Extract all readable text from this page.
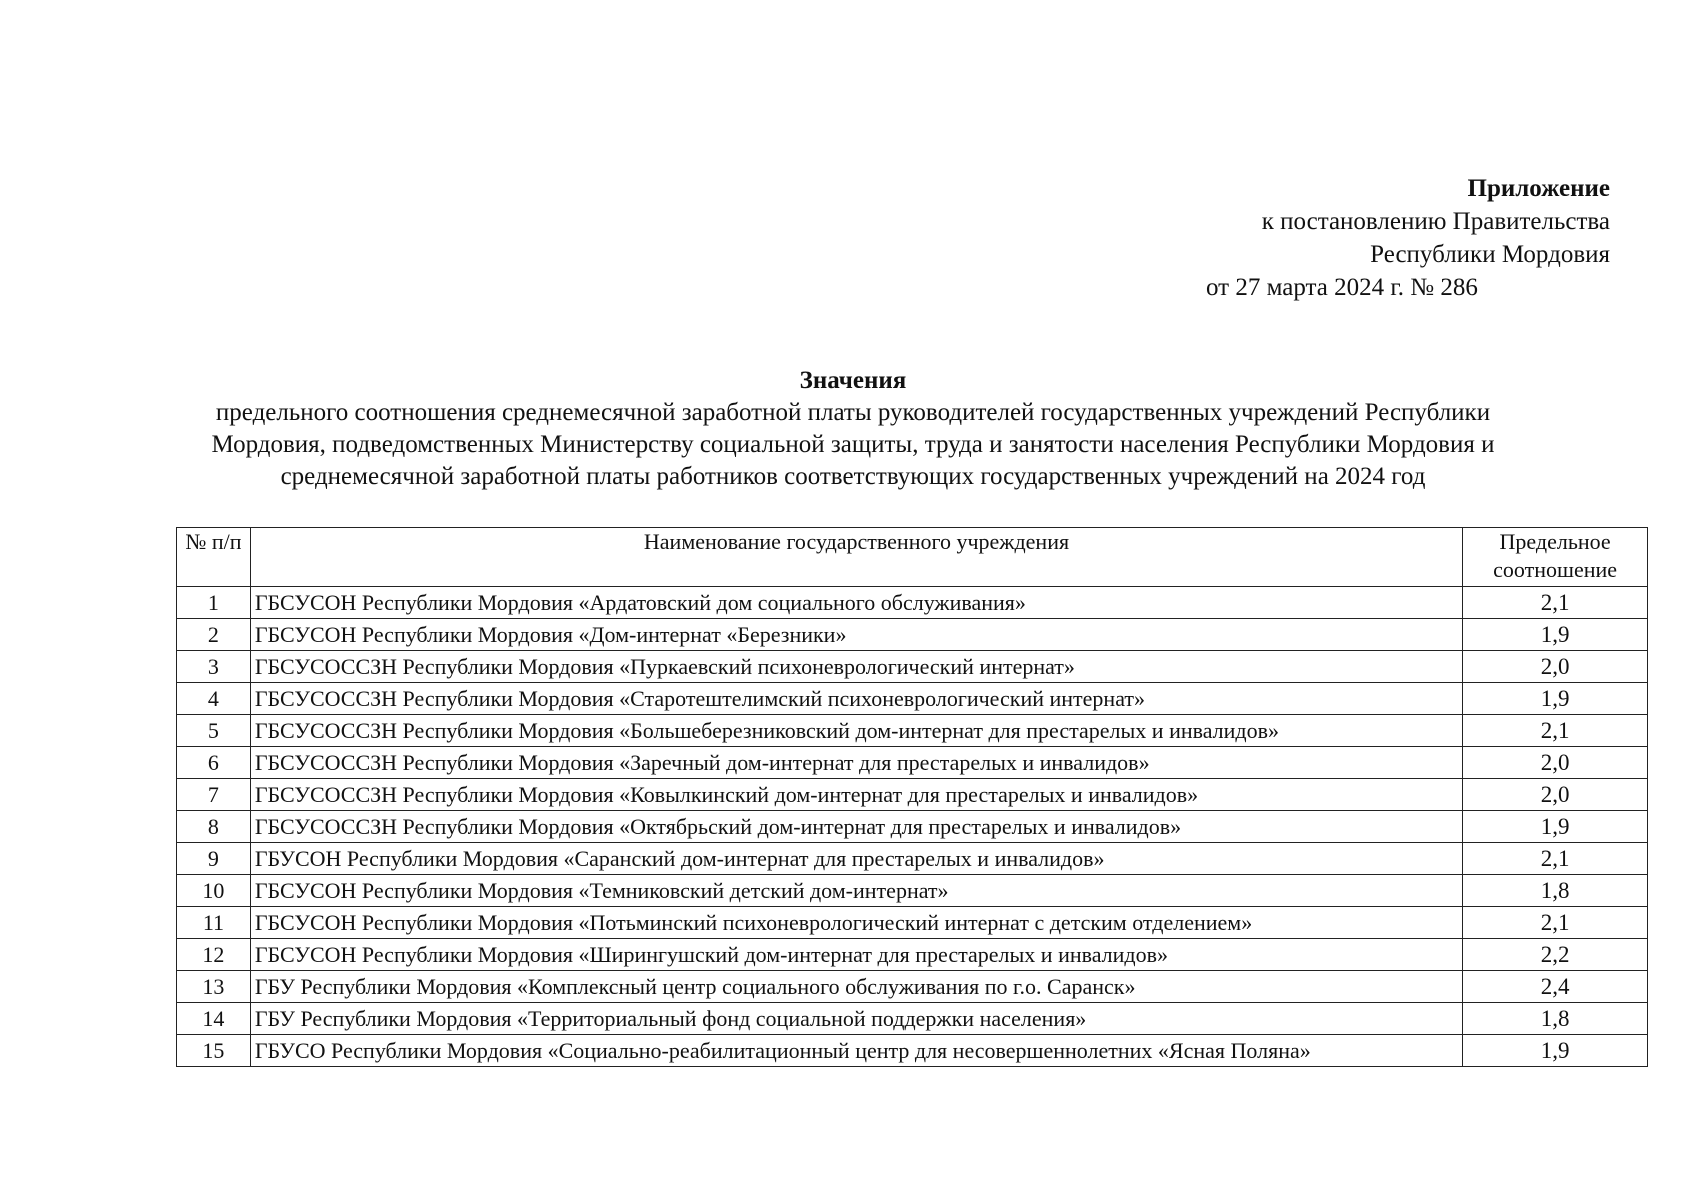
Приложение
к постановлению Правительства
Республики Мордовия
от 27 марта 2024 г. № 286
Значения
предельного соотношения среднемесячной заработной платы руководителей государственных учреждений Республики
Мордовия, подведомственных Министерству социальной защиты, труда и занятости населения Республики Мордовия и
среднемесячной заработной платы работников соответствующих государственных учреждений на 2024 год
№ п/п	Наименование государственного учреждения	Предельное
соотношение

1	ГБСУСОН Республики Мордовия «Ардатовский дом социального обслуживания»	2,1
2	ГБСУСОН Республики Мордовия «Дом-интернат «Березники»	1,9
3	ГБСУСОССЗН Республики Мордовия «Пуркаевский психоневрологический интернат»	2,0
4	ГБСУСОССЗН Республики Мордовия «Старотештелимский психоневрологический интернат»	1,9
5	ГБСУСОССЗН Республики Мордовия «Большеберезниковский дом-интернат для престарелых и инвалидов»	2,1
6	ГБСУСОССЗН Республики Мордовия «Заречный дом-интернат для престарелых и инвалидов»	2,0
7	ГБСУСОССЗН Республики Мордовия «Ковылкинский дом-интернат для престарелых и инвалидов»	2,0
8	ГБСУСОССЗН Республики Мордовия «Октябрьский дом-интернат для престарелых и инвалидов»	1,9
9	ГБУСОН Республики Мордовия «Саранский дом-интернат для престарелых и инвалидов»	2,1
10	ГБСУСОН Республики Мордовия «Темниковский детский дом-интернат»	1,8
11	ГБСУСОН Республики Мордовия «Потьминский психоневрологический интернат с детским отделением»	2,1
12	ГБСУСОН Республики Мордовия «Ширингушский дом-интернат для престарелых и инвалидов»	2,2
13	ГБУ Республики Мордовия «Комплексный центр социального обслуживания по г.о. Саранск»	2,4
14	ГБУ Республики Мордовия «Территориальный фонд социальной поддержки населения»	1,8
15	ГБУСО Республики Мордовия «Социально-реабилитационный центр для несовершеннолетних «Ясная Поляна»	1,9
